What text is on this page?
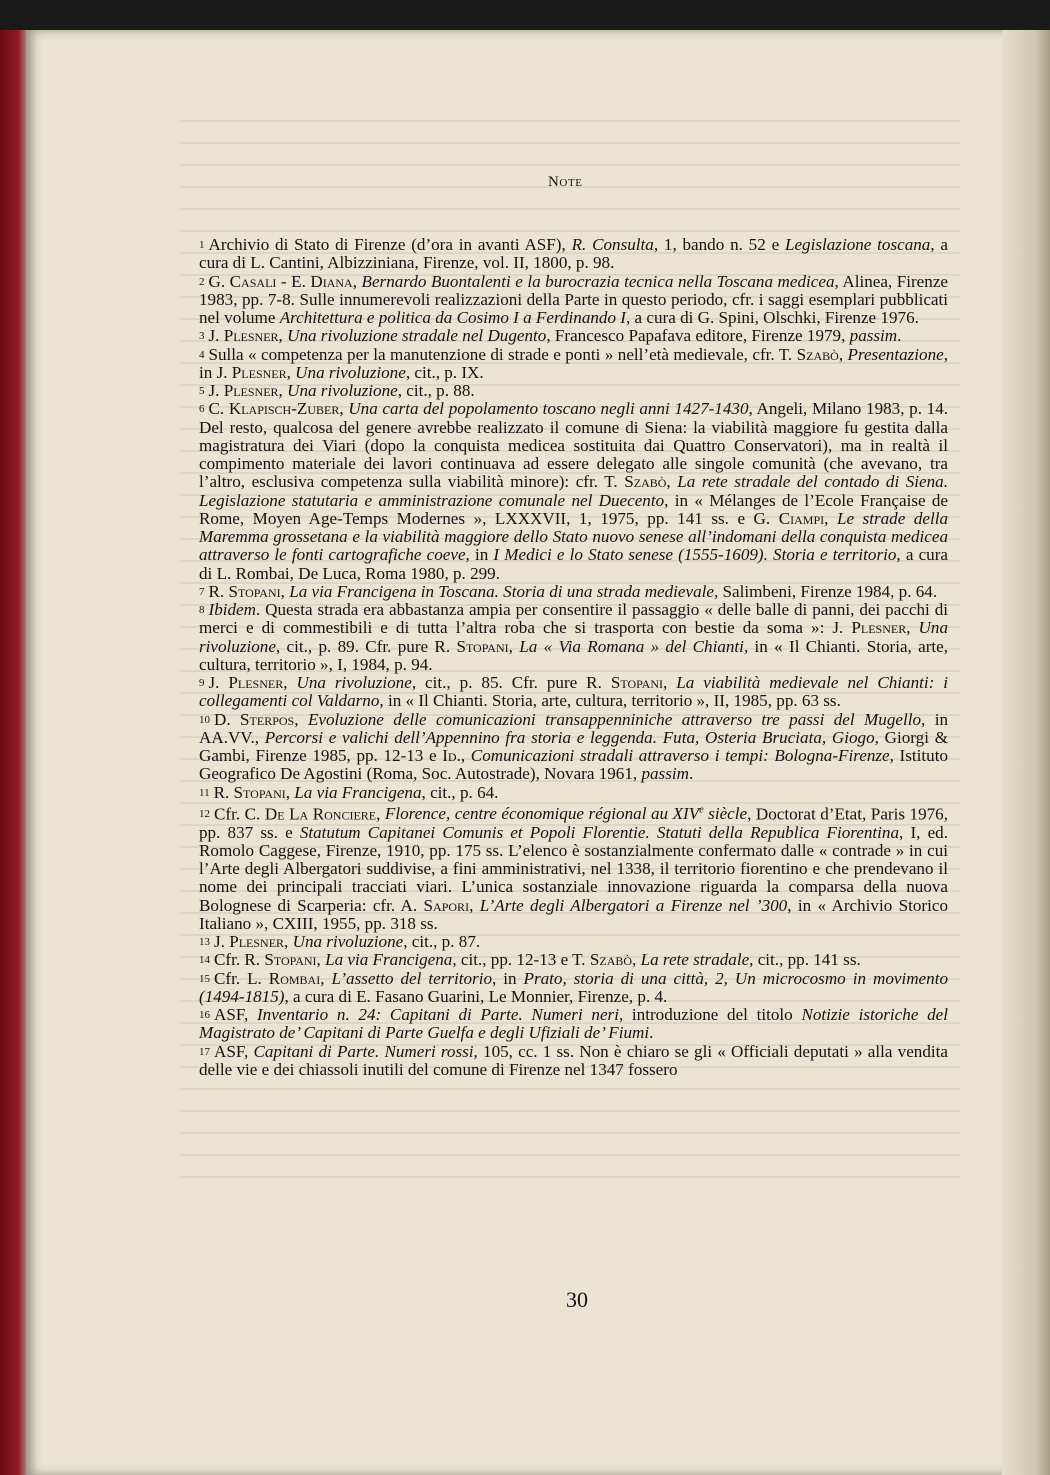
Note

1 Archivio di Stato di Firenze (d’ora in avanti ASF), R. Consulta, 1, bando n. 52 e Legislazione toscana, a cura di L. Cantini, Albizziniana, Firenze, vol. II, 1800, p. 98.

2 G. Casali - E. Diana, Bernardo Buontalenti e la burocrazia tecnica nella Toscana medicea, Alinea, Firenze 1983, pp. 7-8. Sulle innumerevoli realizzazioni della Parte in questo periodo, cfr. i saggi esemplari pubblicati nel volume Architettura e politica da Cosimo I a Ferdinando I, a cura di G. Spini, Olschki, Firenze 1976.

3 J. Plesner, Una rivoluzione stradale nel Dugento, Francesco Papafava editore, Firenze 1979, passim.

4 Sulla « competenza per la manutenzione di strade e ponti » nell’età medievale, cfr. T. Szabò, Presentazione, in J. Plesner, Una rivoluzione, cit., p. IX.

5 J. Plesner, Una rivoluzione, cit., p. 88.

6 C. Klapisch-Zuber, Una carta del popolamento toscano negli anni 1427-1430, Angeli, Milano 1983, p. 14. Del resto, qualcosa del genere avrebbe realizzato il comune di Siena: la viabilità maggiore fu gestita dalla magistratura dei Viari (dopo la conquista medicea sostituita dai Quattro Conservatori), ma in realtà il compimento materiale dei lavori continuava ad essere delegato alle singole comunità (che avevano, tra l’altro, esclusiva competenza sulla viabilità minore): cfr. T. Szabò, La rete stradale del contado di Siena. Legislazione statutaria e amministrazione comunale nel Duecento, in « Mélanges de l’Ecole Française de Rome, Moyen Age-Temps Modernes », LXXXVII, 1, 1975, pp. 141 ss. e G. Ciampi, Le strade della Maremma grossetana e la viabilità maggiore dello Stato nuovo senese all’indomani della conquista medicea attraverso le fonti cartografiche coeve, in I Medici e lo Stato senese (1555-1609). Storia e territorio, a cura di L. Rombai, De Luca, Roma 1980, p. 299.

7 R. Stopani, La via Francigena in Toscana. Storia di una strada medievale, Salimbeni, Firenze 1984, p. 64.

8 Ibidem. Questa strada era abbastanza ampia per consentire il passaggio « delle balle di panni, dei pacchi di merci e di commestibili e di tutta l’altra roba che si trasporta con bestie da soma »: J. Plesner, Una rivoluzione, cit., p. 89. Cfr. pure R. Stopani, La « Via Romana » del Chianti, in « Il Chianti. Storia, arte, cultura, territorio », I, 1984, p. 94.

9 J. Plesner, Una rivoluzione, cit., p. 85. Cfr. pure R. Stopani, La viabilità medievale nel Chianti: i collegamenti col Valdarno, in « Il Chianti. Storia, arte, cultura, territorio », II, 1985, pp. 63 ss.

10 D. Sterpos, Evoluzione delle comunicazioni transappenniniche attraverso tre passi del Mugello, in AA.VV., Percorsi e valichi dell’Appennino fra storia e leggenda. Futa, Osteria Bruciata, Giogo, Giorgi & Gambi, Firenze 1985, pp. 12-13 e Id., Comunicazioni stradali attraverso i tempi: Bologna-Firenze, Istituto Geografico De Agostini (Roma, Soc. Autostrade), Novara 1961, passim.

11 R. Stopani, La via Francigena, cit., p. 64.

12 Cfr. C. De La Ronciere, Florence, centre économique régional au XIVe siècle, Doctorat d’Etat, Paris 1976, pp. 837 ss. e Statutum Capitanei Comunis et Popoli Florentie. Statuti della Republica Fiorentina, I, ed. Romolo Caggese, Firenze, 1910, pp. 175 ss. L’elenco è sostanzialmente confermato dalle « contrade » in cui l’Arte degli Albergatori suddivise, a fini amministrativi, nel 1338, il territorio fiorentino e che prendevano il nome dei principali tracciati viari. L’unica sostanziale innovazione riguarda la comparsa della nuova Bolognese di Scarperia: cfr. A. Sapori, L’Arte degli Albergatori a Firenze nel ’300, in « Archivio Storico Italiano », CXIII, 1955, pp. 318 ss.

13 J. Plesner, Una rivoluzione, cit., p. 87.

14 Cfr. R. Stopani, La via Francigena, cit., pp. 12-13 e T. Szabò, La rete stradale, cit., pp. 141 ss.

15 Cfr. L. Rombai, L’assetto del territorio, in Prato, storia di una città, 2, Un microcosmo in movimento (1494-1815), a cura di E. Fasano Guarini, Le Monnier, Firenze, p. 4.

16 ASF, Inventario n. 24: Capitani di Parte. Numeri neri, introduzione del titolo Notizie istoriche del Magistrato de’ Capitani di Parte Guelfa e degli Ufiziali de’ Fiumi.

17 ASF, Capitani di Parte. Numeri rossi, 105, cc. 1 ss. Non è chiaro se gli « Officiali deputati » alla vendita delle vie e dei chiassoli inutili del comune di Firenze nel 1347 fossero

30
